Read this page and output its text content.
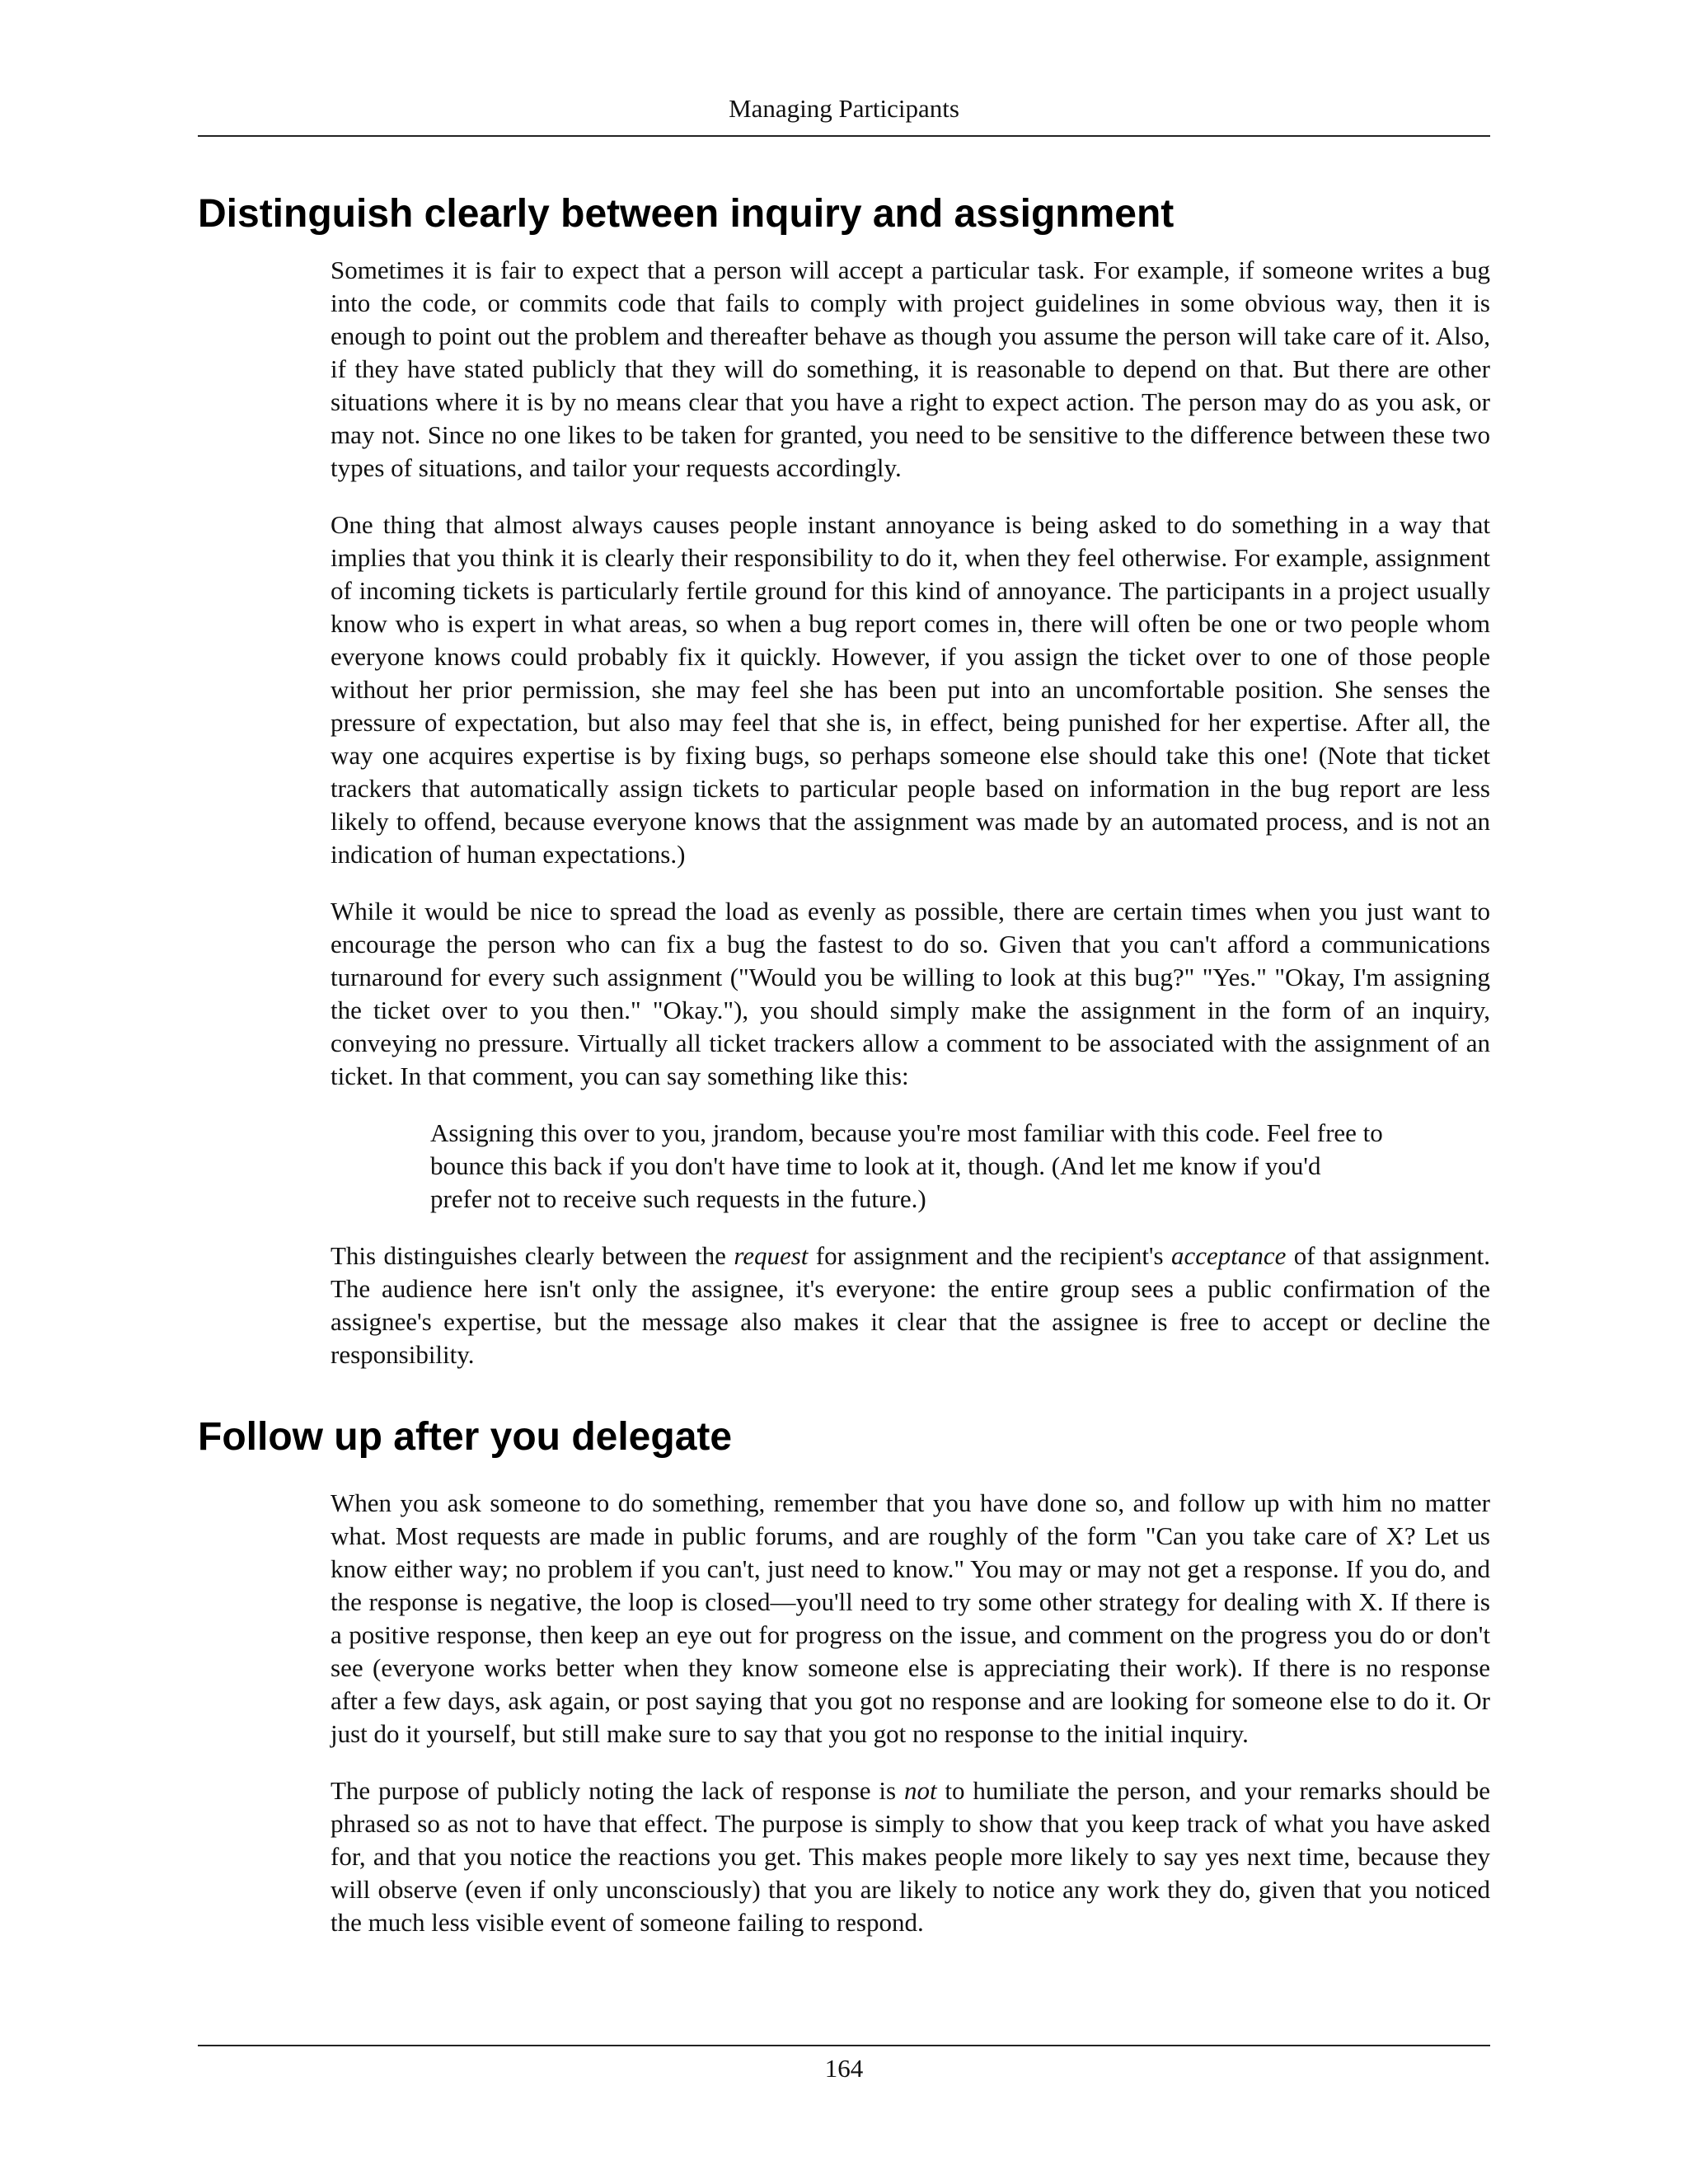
Managing Participants
Distinguish clearly between inquiry and assignment

Sometimes it is fair to expect that a person will accept a particular task. For example, if someone writes a bug into the code, or commits code that fails to comply with project guidelines in some obvious way, then it is enough to point out the problem and thereafter behave as though you assume the person will take care of it. Also, if they have stated publicly that they will do something, it is reasonable to depend on that. But there are other situations where it is by no means clear that you have a right to expect action. The person may do as you ask, or may not. Since no one likes to be taken for granted, you need to be sensitive to the difference between these two types of situations, and tailor your requests accordingly.

One thing that almost always causes people instant annoyance is being asked to do something in a way that implies that you think it is clearly their responsibility to do it, when they feel otherwise. For example, assignment of incoming tickets is particularly fertile ground for this kind of annoyance. The participants in a project usually know who is expert in what areas, so when a bug report comes in, there will often be one or two people whom everyone knows could probably fix it quickly. However, if you assign the ticket over to one of those people without her prior permission, she may feel she has been put into an uncomfortable position. She senses the pressure of expectation, but also may feel that she is, in effect, being punished for her expertise. After all, the way one acquires expertise is by fixing bugs, so perhaps someone else should take this one! (Note that ticket trackers that automatically assign tickets to particular people based on information in the bug report are less likely to offend, because everyone knows that the assignment was made by an automated process, and is not an indication of human expectations.)

While it would be nice to spread the load as evenly as possible, there are certain times when you just want to encourage the person who can fix a bug the fastest to do so. Given that you can't afford a communications turnaround for every such assignment ("Would you be willing to look at this bug?" "Yes." "Okay, I'm assigning the ticket over to you then." "Okay."), you should simply make the assignment in the form of an inquiry, conveying no pressure. Virtually all ticket trackers allow a comment to be associated with the assignment of an ticket. In that comment, you can say something like this:

Assigning this over to you, jrandom, because you're most familiar with this code. Feel free to bounce this back if you don't have time to look at it, though. (And let me know if you'd prefer not to receive such requests in the future.)

This distinguishes clearly between the request for assignment and the recipient's acceptance of that assignment. The audience here isn't only the assignee, it's everyone: the entire group sees a public confirmation of the assignee's expertise, but the message also makes it clear that the assignee is free to accept or decline the responsibility.

Follow up after you delegate

When you ask someone to do something, remember that you have done so, and follow up with him no matter what. Most requests are made in public forums, and are roughly of the form "Can you take care of X? Let us know either way; no problem if you can't, just need to know." You may or may not get a response. If you do, and the response is negative, the loop is closed—you'll need to try some other strategy for dealing with X. If there is a positive response, then keep an eye out for progress on the issue, and comment on the progress you do or don't see (everyone works better when they know someone else is appreciating their work). If there is no response after a few days, ask again, or post saying that you got no response and are looking for someone else to do it. Or just do it yourself, but still make sure to say that you got no response to the initial inquiry.

The purpose of publicly noting the lack of response is not to humiliate the person, and your remarks should be phrased so as not to have that effect. The purpose is simply to show that you keep track of what you have asked for, and that you notice the reactions you get. This makes people more likely to say yes next time, because they will observe (even if only unconsciously) that you are likely to notice any work they do, given that you noticed the much less visible event of someone failing to respond.

164
